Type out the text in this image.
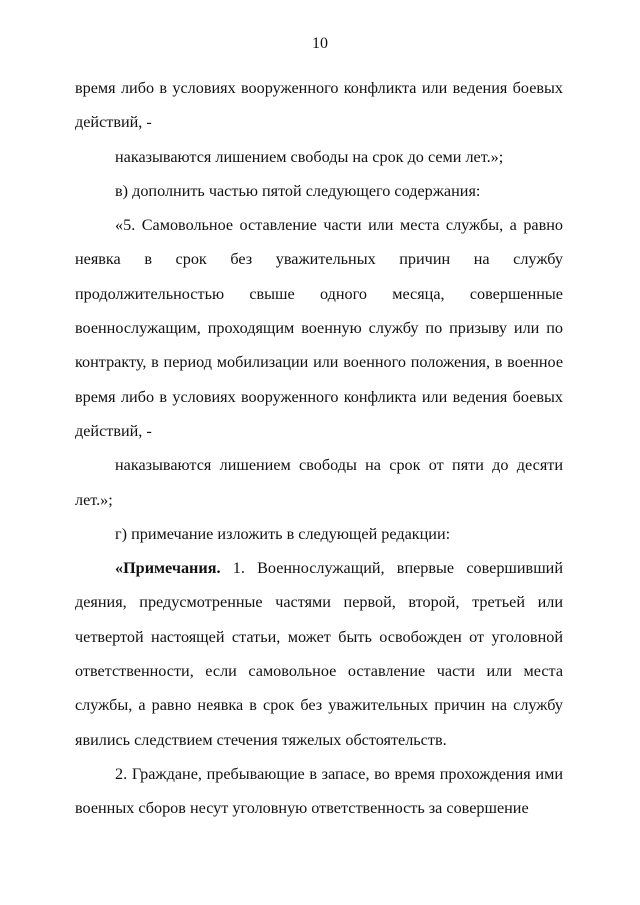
10

время либо в условиях вооруженного конфликта или ведения боевых действий, -

наказываются лишением свободы на срок до семи лет.»;

в) дополнить частью пятой следующего содержания:

«5. Самовольное оставление части или места службы, а равно неявка в срок без уважительных причин на службу продолжительностью свыше одного месяца, совершенные военнослужащим, проходящим военную службу по призыву или по контракту, в период мобилизации или военного положения, в военное время либо в условиях вооруженного конфликта или ведения боевых действий, -

наказываются лишением свободы на срок от пяти до десяти лет.»;

г) примечание изложить в следующей редакции:

«Примечания. 1. Военнослужащий, впервые совершивший деяния, предусмотренные частями первой, второй, третьей или четвертой настоящей статьи, может быть освобожден от уголовной ответственности, если самовольное оставление части или места службы, а равно неявка в срок без уважительных причин на службу явились следствием стечения тяжелых обстоятельств.

2. Граждане, пребывающие в запасе, во время прохождения ими военных сборов несут уголовную ответственность за совершение
